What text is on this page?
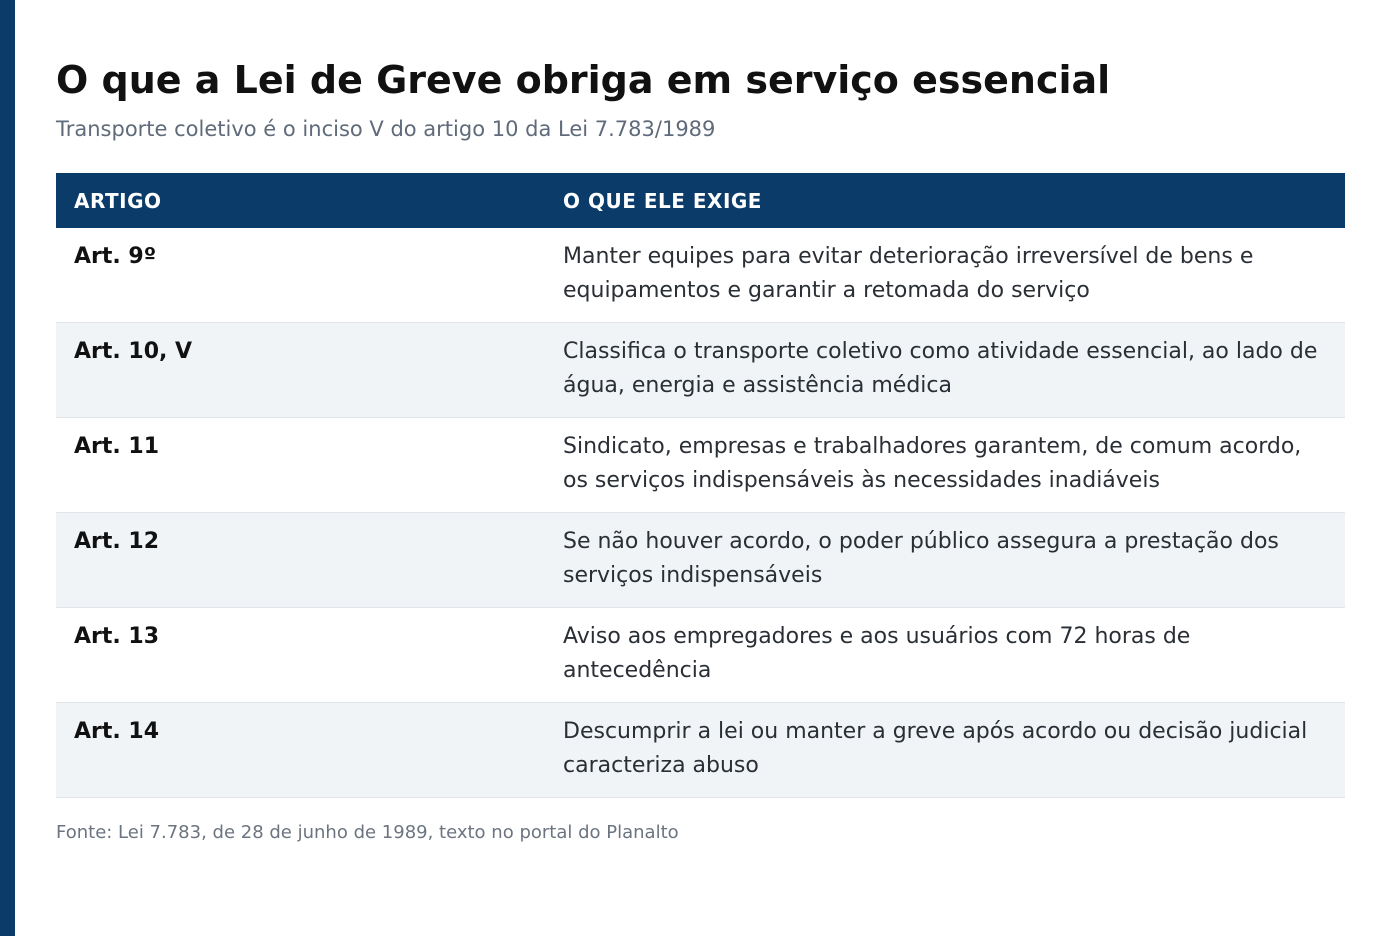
O que a Lei de Greve obriga em serviço essencial
Transporte coletivo é o inciso V do artigo 10 da Lei 7.783/1989
ARTIGO	O QUE ELE EXIGE
Art. 9º	Manter equipes para evitar deterioração irreversível de bens e equipamentos e garantir a retomada do serviço
Art. 10, V	Classifica o transporte coletivo como atividade essencial, ao lado de água, energia e assistência médica
Art. 11	Sindicato, empresas e trabalhadores garantem, de comum acordo, os serviços indispensáveis às necessidades inadiáveis
Art. 12	Se não houver acordo, o poder público assegura a prestação dos serviços indispensáveis
Art. 13	Aviso aos empregadores e aos usuários com 72 horas de antecedência
Art. 14	Descumprir a lei ou manter a greve após acordo ou decisão judicial caracteriza abuso
Fonte: Lei 7.783, de 28 de junho de 1989, texto no portal do Planalto
